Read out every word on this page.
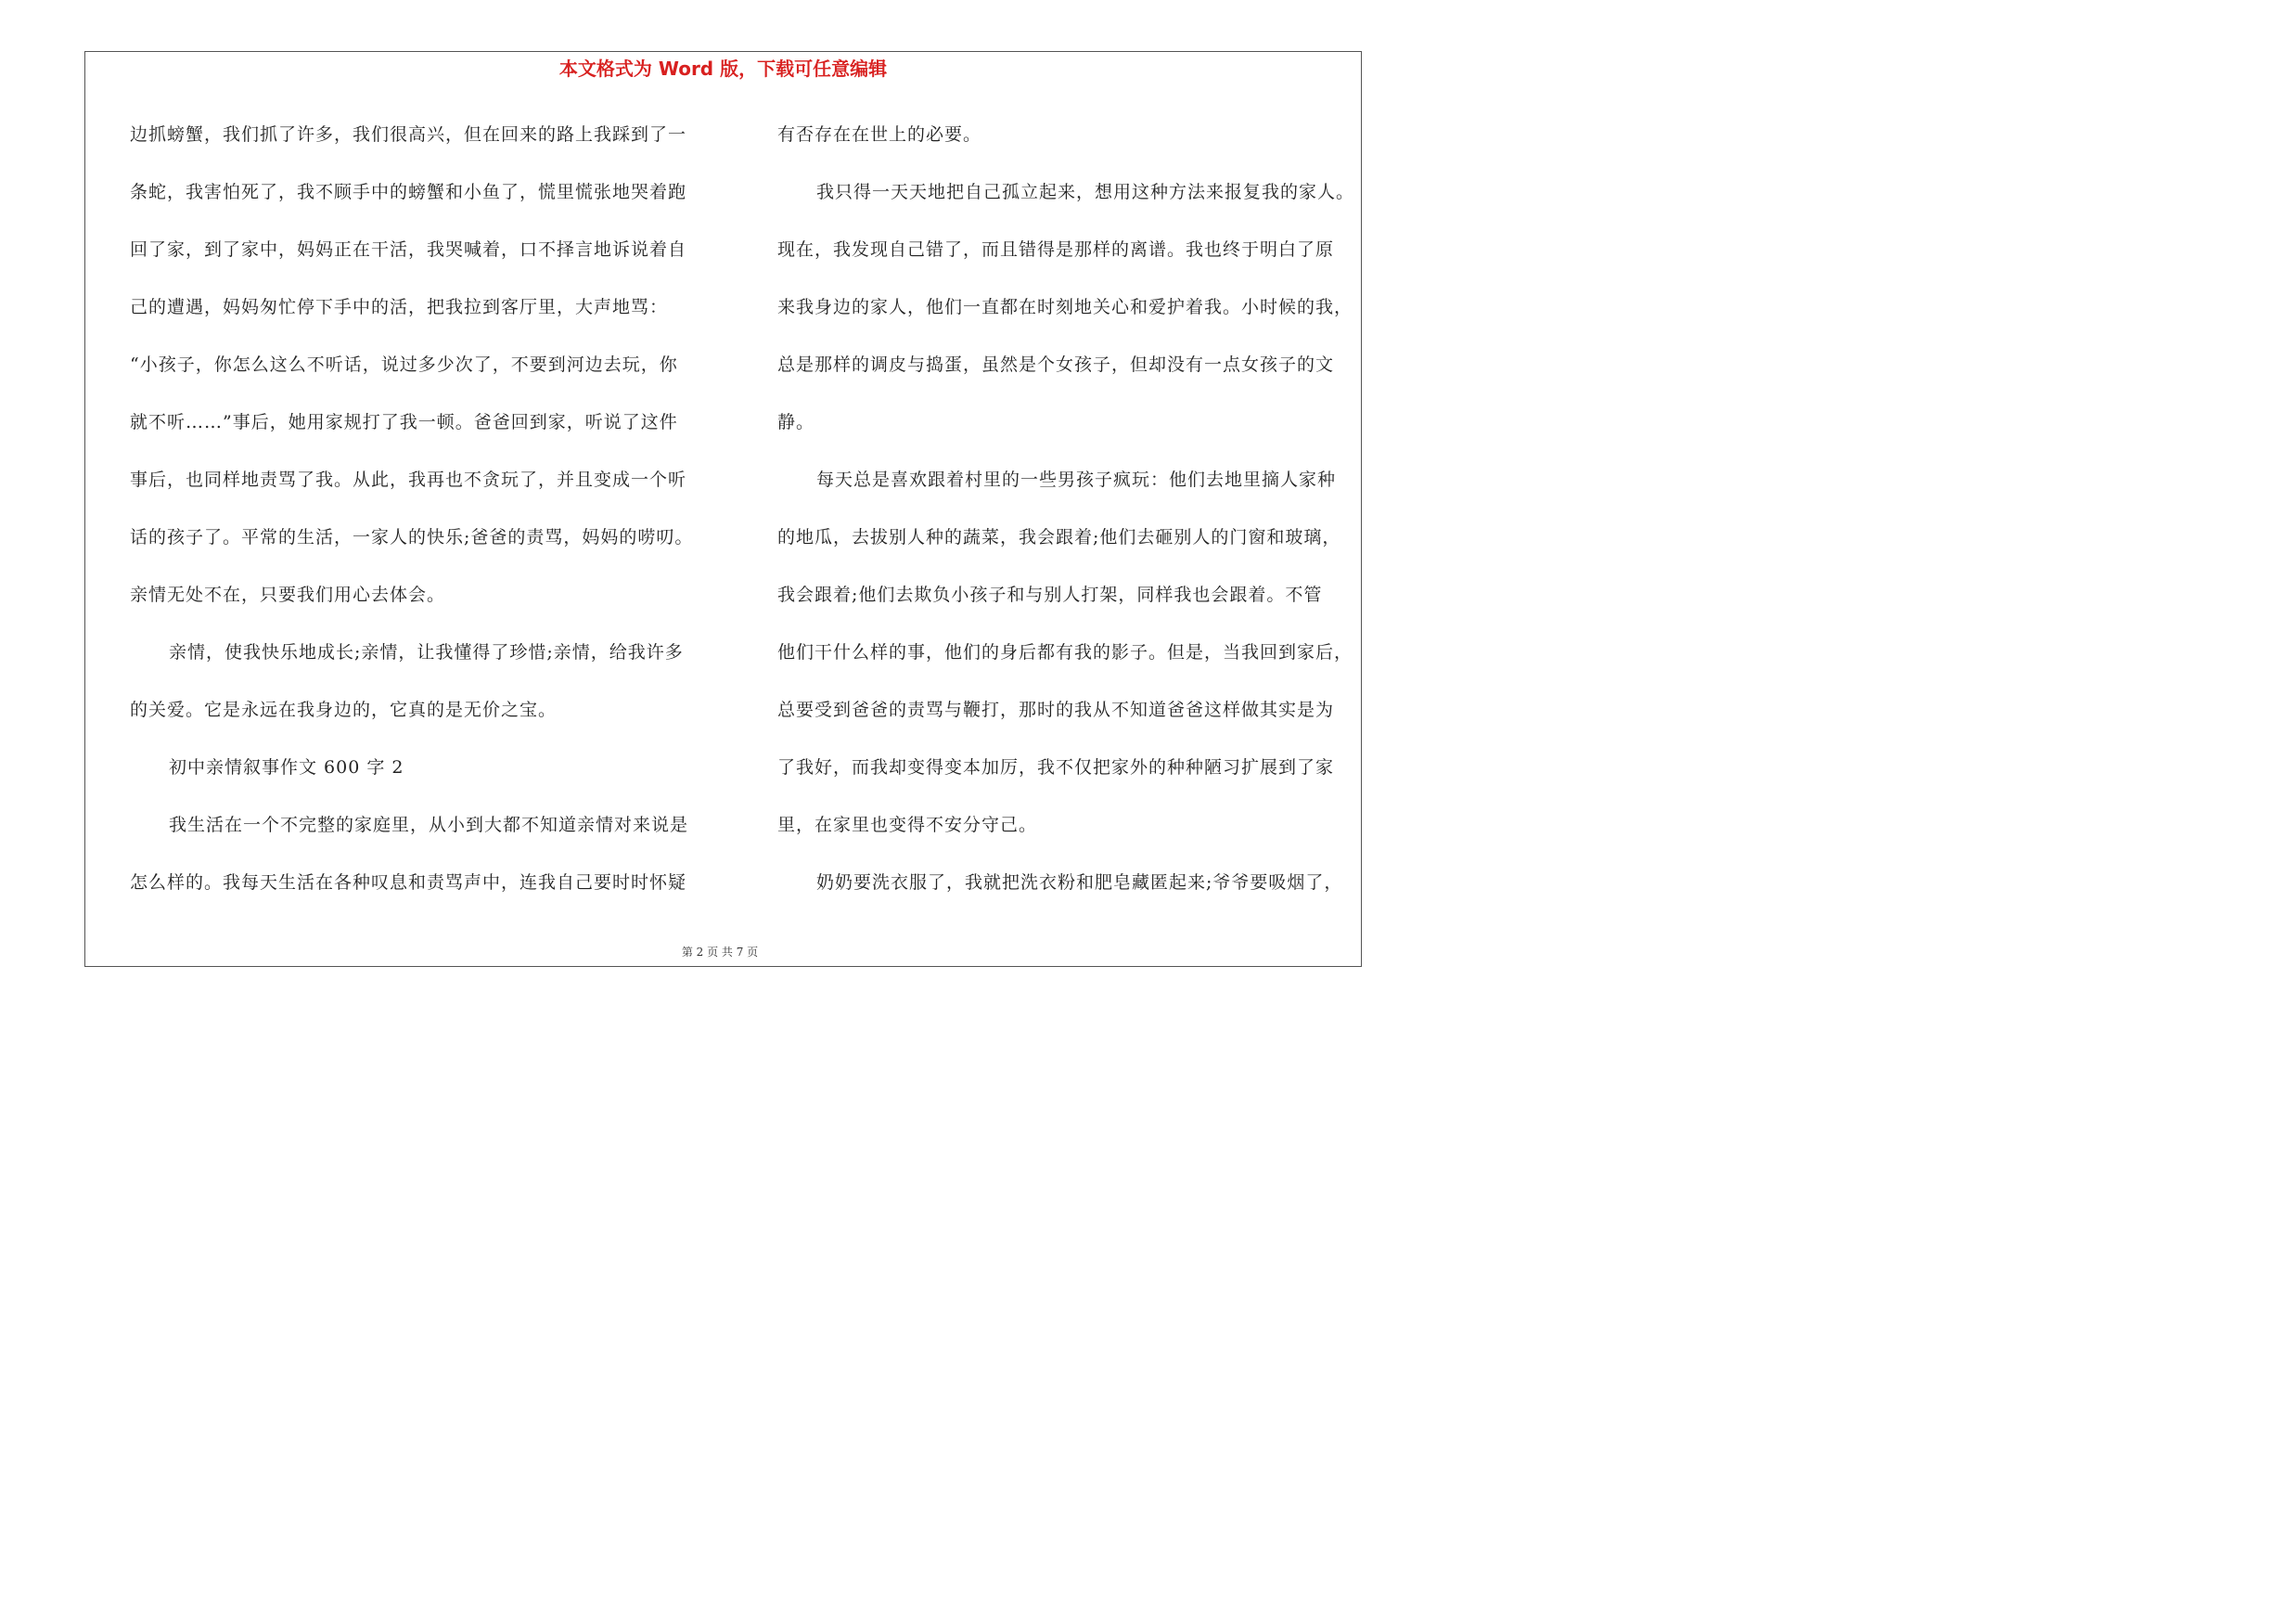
本文格式为 Word 版，下载可任意编辑

边抓螃蟹，我们抓了许多，我们很高兴，但在回来的路上我踩到了一

条蛇，我害怕死了，我不顾手中的螃蟹和小鱼了，慌里慌张地哭着跑

回了家，到了家中，妈妈正在干活，我哭喊着，口不择言地诉说着自

己的遭遇，妈妈匆忙停下手中的活，把我拉到客厅里，大声地骂：

“小孩子，你怎么这么不听话，说过多少次了，不要到河边去玩，你

就不听……”事后，她用家规打了我一顿。爸爸回到家，听说了这件

事后，也同样地责骂了我。从此，我再也不贪玩了，并且变成一个听

话的孩子了。平常的生活，一家人的快乐;爸爸的责骂，妈妈的唠叨。

亲情无处不在，只要我们用心去体会。

亲情，使我快乐地成长;亲情，让我懂得了珍惜;亲情，给我许多

的关爱。它是永远在我身边的，它真的是无价之宝。

初中亲情叙事作文 600 字 2

我生活在一个不完整的家庭里，从小到大都不知道亲情对来说是

怎么样的。我每天生活在各种叹息和责骂声中，连我自己要时时怀疑

有否存在在世上的必要。

我只得一天天地把自己孤立起来，想用这种方法来报复我的家人。

现在，我发现自己错了，而且错得是那样的离谱。我也终于明白了原

来我身边的家人，他们一直都在时刻地关心和爱护着我。小时候的我，

总是那样的调皮与捣蛋，虽然是个女孩子，但却没有一点女孩子的文

静。

每天总是喜欢跟着村里的一些男孩子疯玩：他们去地里摘人家种

的地瓜，去拔别人种的蔬菜，我会跟着;他们去砸别人的门窗和玻璃，

我会跟着;他们去欺负小孩子和与别人打架，同样我也会跟着。不管

他们干什么样的事，他们的身后都有我的影子。但是，当我回到家后，

总要受到爸爸的责骂与鞭打，那时的我从不知道爸爸这样做其实是为

了我好，而我却变得变本加厉，我不仅把家外的种种陋习扩展到了家

里，在家里也变得不安分守己。

奶奶要洗衣服了，我就把洗衣粉和肥皂藏匿起来;爷爷要吸烟了，

第 2 页 共 7 页
